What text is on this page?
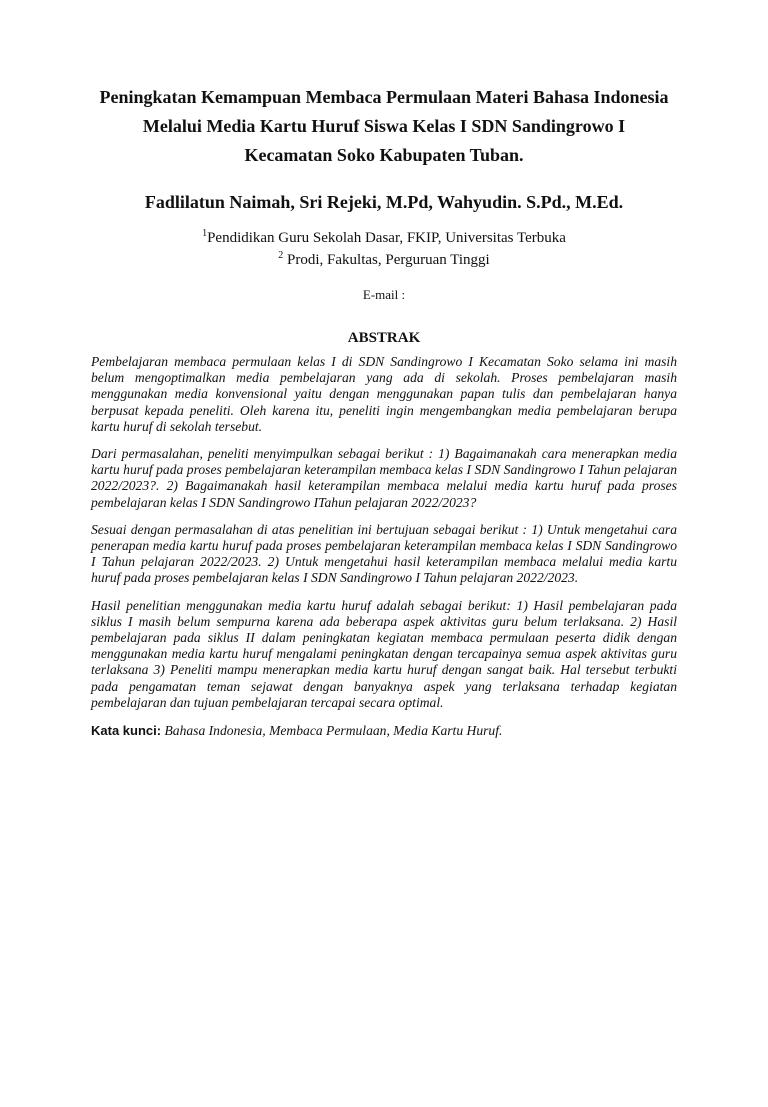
Peningkatan Kemampuan Membaca Permulaan Materi Bahasa Indonesia
Melalui Media Kartu Huruf Siswa Kelas I SDN Sandingrowo I
Kecamatan Soko Kabupaten Tuban.
Fadlilatun Naimah, Sri Rejeki, M.Pd, Wahyudin. S.Pd., M.Ed.
$^1$Pendidikan Guru Sekolah Dasar, FKIP, Universitas Terbuka
$^2$ Prodi, Fakultas, Perguruan Tinggi
E-mail :
ABSTRAK

Pembelajaran membaca permulaan kelas I di SDN Sandingrowo I Kecamatan Soko selama ini masih belum mengoptimalkan media pembelajaran yang ada di sekolah. Proses pembelajaran masih menggunakan media konvensional yaitu dengan menggunakan papan tulis dan pembelajaran hanya berpusat kepada peneliti. Oleh karena itu, peneliti ingin mengembangkan media pembelajaran berupa kartu huruf di sekolah tersebut.

Dari permasalahan, peneliti menyimpulkan sebagai berikut : 1) Bagaimanakah cara menerapkan media kartu huruf pada proses pembelajaran keterampilan membaca kelas I SDN Sandingrowo I Tahun pelajaran 2022/2023?. 2) Bagaimanakah hasil keterampilan membaca melalui media kartu huruf pada proses pembelajaran kelas I SDN Sandingrowo ITahun pelajaran 2022/2023?

Sesuai dengan permasalahan di atas penelitian ini bertujuan sebagai berikut : 1) Untuk mengetahui cara penerapan media kartu huruf pada proses pembelajaran keterampilan membaca kelas I SDN Sandingrowo I Tahun pelajaran 2022/2023. 2) Untuk mengetahui hasil keterampilan membaca melalui media kartu huruf pada proses pembelajaran kelas I SDN Sandingrowo I Tahun pelajaran 2022/2023.

Hasil penelitian menggunakan media kartu huruf adalah sebagai berikut: 1) Hasil pembelajaran pada siklus I masih belum sempurna karena ada beberapa aspek aktivitas guru belum terlaksana. 2) Hasil pembelajaran pada siklus II dalam peningkatan kegiatan membaca permulaan peserta didik dengan menggunakan media kartu huruf mengalami peningkatan dengan tercapainya semua aspek aktivitas guru terlaksana 3) Peneliti mampu menerapkan media kartu huruf dengan sangat baik. Hal tersebut terbukti pada pengamatan teman sejawat dengan banyaknya aspek yang terlaksana terhadap kegiatan pembelajaran dan tujuan pembelajaran tercapai secara optimal.

Kata kunci: Bahasa Indonesia, Membaca Permulaan, Media Kartu Huruf.
